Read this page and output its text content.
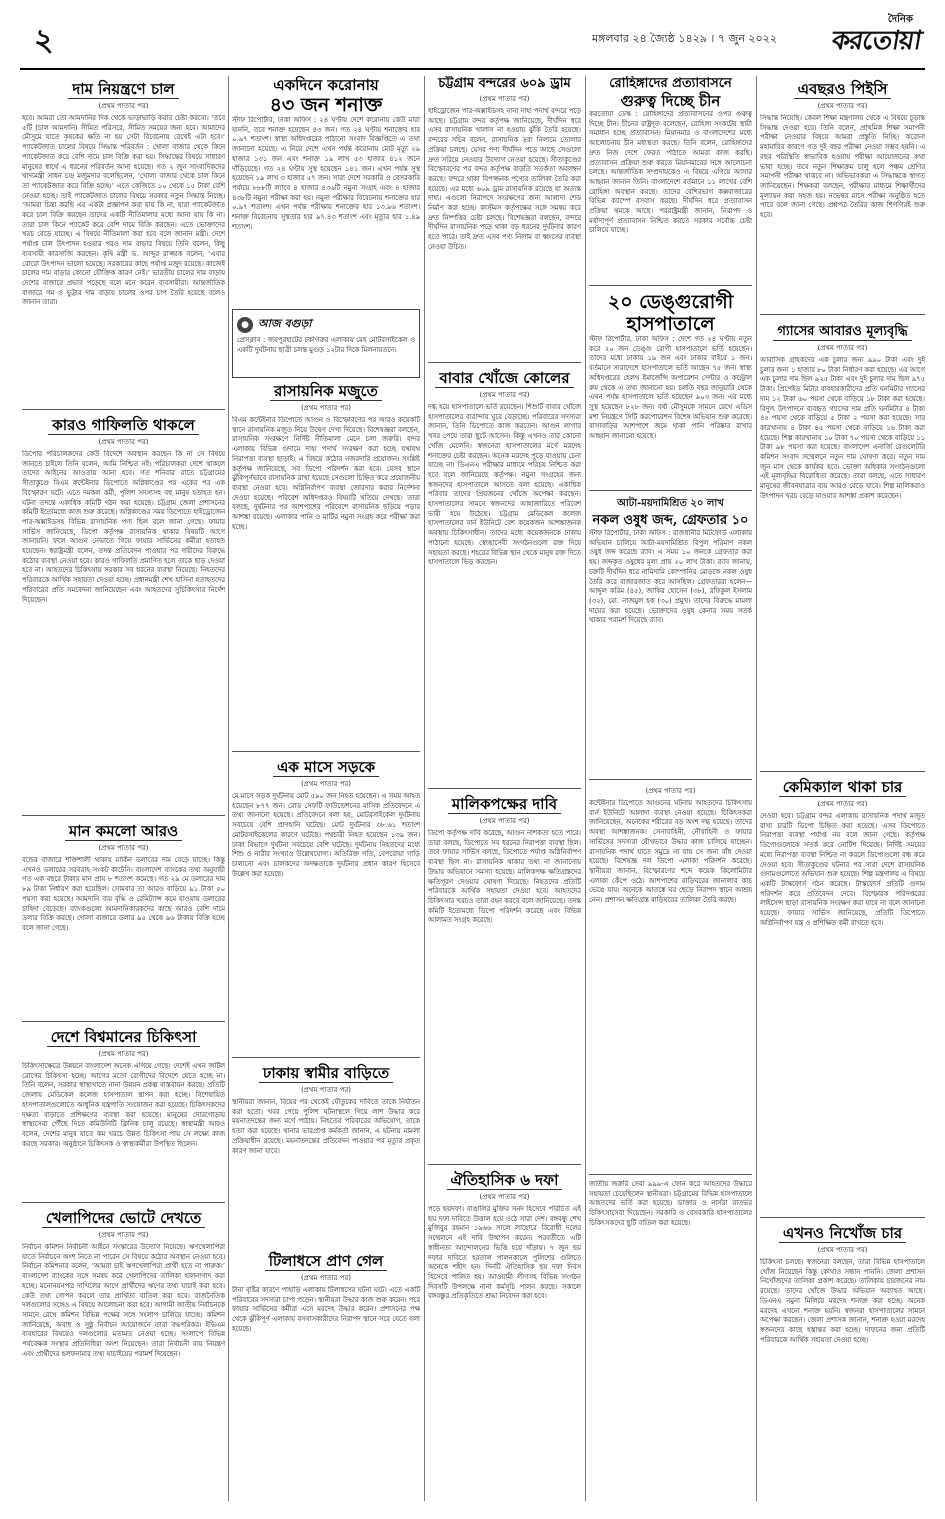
২	মঙ্গলবার ২৪ জ্যৈষ্ঠ ১৪২৯ । ৭ জুন ২০২২
দৈনিক
করতোয়া
দাম নিয়ন্ত্রণে চাল

(প্রথম পাতার পর)

হবে। আমরা তো আমদানির দিক থেকে ভাড়াভাড়ি করার চেষ্টা করবো। ‘তবে ৫টি (চাল আমদানি) সীমিত পরিসরে, সীমিত সময়ের জন্য হবে। আমাদের মৌসুমে যাতে কৃষকের ক্ষতি না হয় সেটা বিবেচনায় রেখেই এটা হবে।’ প্যাকেটজাত চালের বিষয়ে সিদ্ধান্ত পরিবর্তন : খোলা বাজার থেকে কিনে প্যাকেটজাত করে বেশি দামে চাল বিক্রি করা হয়। সিদ্ধান্তের বিষয়ে সাধারণ মানুষের স্বার্থে এ ধরনের পরিবর্তন আনা হয়েছে। গত ২ জুন সাংবাদিকদের খাদ্যমন্ত্রী সাধন চন্দ্র মজুমদার বলেছিলেন, ‘খোলা বাজার থেকে চাল কিনে তা প্যাকেটজাত করে বিক্রি হচ্ছে।’ এতে কেজিতে ১০ থেকে ১৫ টাকা বেশি নেওয়া হচ্ছে। তাই প্যাকেটজাত চালের বিষয়ে সরকার নতুন সিদ্ধান্ত নিচ্ছে। ‘আমরা চিন্তা করছি এর একটা প্রজ্ঞাপন করা যায় কি না, যারা প্যাকেটজাত করে চাল বিক্রি করছেন তাদের একটি নীতিমালার মধ্যে আনা যায় কি না। তারা চাল কিনে প্যাকেট করে বেশি দামে বিক্রি করছেন। এতে ভোক্তাদের খরচ বেড়ে যাচ্ছে। এ বিষয়ে নীতিমালা করা হবে বলে জানান মন্ত্রী। দেশে পর্যাপ্ত চাল উৎপাদন হওয়ার পরও দাম বাড়ার বিষয়ে তিনি বলেন, কিছু ব্যবসায়ী কারসাজি করছেন। কৃষি মন্ত্রী ড. আব্দুর রাজ্জাক বলেন, ‘এবার বোরো উৎপাদন ভালো হয়েছে। সরকারের কাছে পর্যাপ্ত মজুদ রয়েছে। কাজেই চালের দাম বাড়ার কোনো যৌক্তিক কারণ নেই।’ ভারতীয় চালের দাম বাড়ায় দেশের বাজারে প্রভাব পড়েছে বলে মনে করেন ব্যবসায়ীরা। আন্তর্জাতিক বাজারে গম ও ভুট্টার দাম বাড়ায় চালের ওপর চাপ তৈরি হয়েছে বলেও জানান তারা।

কারও গাফিলতি থাকলে

(প্রথম পাতার পর)

ডিপোর পরিচালকদের কেউ বিদেশে অবস্থান করছেন কি না সে বিষয়ে জানতে চাইলে তিনি বলেন, আমি নিশ্চিত নই। পরিচালকরা দেশে থাকলে তাদের আইনের আওতায় আনা হবে। গত শনিবার রাতে চট্টগ্রামের সীতাকুণ্ডে বিএম কন্টেইনার ডিপোতে অগ্নিকাণ্ডের পর একের পর এক বিস্ফোরণ ঘটে। এতে দমকল কর্মী, পুলিশ সদস্যসহ বহু মানুষ হতাহত হন। ঘটনা তদন্তে একাধিক কমিটি গঠন করা হয়েছে। চট্টগ্রাম জেলা প্রশাসনের কমিটি ইতোমধ্যে কাজ শুরু করেছে। অগ্নিকাণ্ডের সময় ডিপোতে হাইড্রোজেন পার-অক্সাইডসহ বিভিন্ন রাসায়নিক পণ্য ছিল বলে জানা গেছে। ফায়ার সার্ভিস জানিয়েছে, ডিপো কর্তৃপক্ষ রাসায়নিক থাকার বিষয়টি আগে জানায়নি। ফলে আগুন নেভাতে গিয়ে ফায়ার সার্ভিসের কর্মীরা হতাহত হয়েছেন। স্বরাষ্ট্রমন্ত্রী বলেন, তদন্ত প্রতিবেদন পাওয়ার পর দায়ীদের বিরুদ্ধে কঠোর ব্যবস্থা নেওয়া হবে। কারও গাফিলতি প্রমাণিত হলে তাকে ছাড় দেওয়া হবে না। আহতদের চিকিৎসায় সরকার সব ধরনের ব্যবস্থা নিয়েছে। নিহতদের পরিবারকে আর্থিক সহায়তা দেওয়া হচ্ছে। প্রধানমন্ত্রী শেখ হাসিনা হতাহতদের পরিবারের প্রতি সমবেদনা জানিয়েছেন এবং আহতদের সুচিকিৎসার নির্দেশ দিয়েছেন।

মান কমলো আরও

(প্রথম পাতার পর)

বন্ডের বাজারে শক্তিশালী থাকায় মার্কিন ডলারের দাম বেড়ে যাচ্ছে। কিন্তু এখনও ডলারের সরবরাহ সংকট কাটেনি। বাংলাদেশ ব্যাংকের তথ্য অনুযায়ী গত এক বছরে টাকার মান প্রায় ৮ শতাংশ কমেছে। গত ২৯ মে ডলারের দাম ৮৯ টাকা নির্ধারণ করা হয়েছিল। সোমবার তা আরও বাড়িয়ে ৯১ টাকা ৫০ পয়সা করা হয়েছে। আমদানি ব্যয় বৃদ্ধি ও রেমিট্যান্স কমে যাওয়ায় ডলারের চাহিদা বেড়েছে। ব্যাংকগুলো আমদানিকারকদের কাছে আরও বেশি দামে ডলার বিক্রি করছে। খোলা বাজারে ডলার ৯৫ থেকে ৯৬ টাকায় বিক্রি হচ্ছে বলে জানা গেছে।

দেশে বিশ্বমানের চিকিৎসা

(প্রথম পাতার পর)

চিকিৎসাক্ষেত্রে উন্নয়নে বাংলাদেশ অনেক এগিয়ে গেছে। দেশেই এখন জটিল রোগের চিকিৎসা হচ্ছে। আগের মতো রোগীদের বিদেশে যেতে হচ্ছে না। তিনি বলেন, সরকার স্বাস্থ্যখাতে নানা উন্নয়ন প্রকল্প বাস্তবায়ন করছে। প্রতিটি জেলায় মেডিকেল কলেজ হাসপাতাল স্থাপন করা হচ্ছে। বিশেষায়িত হাসপাতালগুলোতে আধুনিক যন্ত্রপাতি সংযোজন করা হয়েছে। চিকিৎসকদের দক্ষতা বাড়াতে প্রশিক্ষণের ব্যবস্থা করা হয়েছে। মানুষের দোরগোড়ায় স্বাস্থ্যসেবা পৌঁছে দিতে কমিউনিটি ক্লিনিক চালু রয়েছে। স্বাস্থ্যমন্ত্রী আরও বলেন, দেশের মানুষ যাতে কম খরচে উন্নত চিকিৎসা পায় সে লক্ষ্যে কাজ করছে সরকার। অনুষ্ঠানে চিকিৎসক ও স্বাস্থ্যকর্মীরা উপস্থিত ছিলেন।

খেলাপিদের ভোটে দেখতে

(প্রথম পাতার পর)

নির্বাচন কমিশন নির্বাচনী আইনে সংস্কারের উদ্যোগ নিয়েছে। ঋণখেলাপিরা যাতে নির্বাচনে অংশ নিতে না পারেন সে বিষয়ে কঠোর অবস্থান নেওয়া হবে। নির্বাচন কমিশনার বলেন, ‘আমরা চাই ঋণখেলাপিরা প্রার্থী হতে না পারুক।’ বাংলাদেশ ব্যাংকের সঙ্গে সমন্বয় করে খেলাপিদের তালিকা হালনাগাদ করা হচ্ছে। মনোনয়নপত্র দাখিলের আগে প্রার্থীদের ঋণের তথ্য যাচাই করা হবে। কেউ তথ্য গোপন করলে তার প্রার্থিতা বাতিল করা হবে। রাজনৈতিক দলগুলোর সঙ্গেও এ বিষয়ে আলোচনা করা হবে। আগামী জাতীয় নির্বাচনকে সামনে রেখে কমিশন বিভিন্ন পক্ষের সঙ্গে সংলাপ চালিয়ে যাচ্ছে। কমিশন জানিয়েছে, অবাধ ও সুষ্ঠু নির্বাচন আয়োজনে তারা বদ্ধপরিকর। ইভিএম ব্যবহারের বিষয়েও দলগুলোর মতামত নেওয়া হচ্ছে। সংলাপে বিভিন্ন পর্যবেক্ষক সংস্থার প্রতিনিধিরা অংশ নিয়েছেন। তারা নির্বাচনী ব্যয় নিয়ন্ত্রণ এবং প্রার্থীদের হলফনামার তথ্য যাচাইয়ের পরামর্শ দিয়েছেন।

একদিনে করোনায়
৪৩ জন শনাক্ত

স্টাফ রিপোর্টার, ঢাকা অফিস : ২৪ ঘণ্টায় দেশে করোনায় কেউ মারা যাননি, তবে শনাক্ত হয়েছেন ৪৩ জন। গত ২৪ ঘণ্টায় শনাক্তের হার ০.৯৭ শতাংশ। স্বাস্থ্য অধিদপ্তরের পাঠানো সংবাদ বিজ্ঞপ্তিতে এ তথ্য জানানো হয়েছে। এ নিয়ে দেশে এখন পর্যন্ত করোনায় মোট মৃত্যু ২৯ হাজার ১৩১ জন এবং শনাক্ত ১৯ লাখ ৫৩ হাজার ৪১২ জনে দাঁড়িয়েছে। গত ২৪ ঘণ্টায় সুস্থ হয়েছেন ১৪১ জন। এখন পর্যন্ত সুস্থ হয়েছেন ১৯ লাখ ৩ হাজার ৫৭ জন। সারা দেশে সরকারি ও বেসরকারি পর্যায়ে ৮৮৮টি ল্যাবে ৪ হাজার ৪৩৬টি নমুনা সংগ্রহ এবং ৪ হাজার ৪৩৮টি নমুনা পরীক্ষা করা হয়। নমুনা পরীক্ষার বিবেচনায় শনাক্তের হার ০.৯৭ শতাংশ। এখন পর্যন্ত পরীক্ষায় শনাক্তের হার ১৩.৯৬ শতাংশ। শনাক্ত বিবেচনায় সুস্থতার হার ৯৭.৪৩ শতাংশ এবং মৃত্যুর হার ১.৪৯ শতাংশ।

● আজ বগুড়া

প্রেসক্লাব : জয়পুরহাটের চকগিরুর এলাকায় মেহ মোটরসাইকেল ও একটি দুর্ঘটনায় ছাত্রী চলন্ত মুগুড় ১২টার দিকে মিলনায়তনে।

রাসায়নিক মজুতে

(প্রথম পাতার পর)

বিএম কন্টেইনার ডিপোতে আগুন ও বিস্ফোরণের পর আরও কয়েকটি স্থানে রাসায়নিক মজুত নিয়ে উদ্বেগ দেখা দিয়েছে। বিশেষজ্ঞরা বলছেন, রাসায়নিক সংরক্ষণে নির্দিষ্ট নীতিমালা মেনে চলা জরুরি। বন্দর এলাকায় বিভিন্ন গুদামে দাহ্য পদার্থ সংরক্ষণ করা হচ্ছে যথাযথ নিরাপত্তা ব্যবস্থা ছাড়াই। এ বিষয়ে কঠোর নজরদারি প্রয়োজন। সংশ্লিষ্ট কর্তৃপক্ষ জানিয়েছে, সব ডিপো পরিদর্শন করা হবে। যেসব স্থানে ঝুঁকিপূর্ণভাবে রাসায়নিক রাখা হয়েছে সেগুলো চিহ্নিত করে প্রয়োজনীয় ব্যবস্থা নেওয়া হবে। অগ্নিনির্বাপণ ব্যবস্থা জোরদার করার নির্দেশনা দেওয়া হয়েছে। পরিবেশ অধিদপ্তরও বিষয়টি খতিয়ে দেখছে। তারা বলছে, দুর্ঘটনার পর আশপাশের পরিবেশে রাসায়নিক ছড়িয়ে পড়ার আশঙ্কা রয়েছে। এলাকার পানি ও মাটির নমুনা সংগ্রহ করে পরীক্ষা করা হচ্ছে।

এক মাসে সড়কে

(প্রথম পাতার পর)

মে মাসে সড়ক দুর্ঘটনায় মোট ৫৯০ জন নিহত হয়েছেন। এ সময় আহত হয়েছেন ৮৭৭ জন। রোড সেফটি ফাউন্ডেশনের মাসিক প্রতিবেদনে এ তথ্য জানানো হয়েছে। প্রতিবেদনে বলা হয়, মোটরসাইকেল দুর্ঘটনায় সবচেয়ে বেশি প্রাণহানি ঘটেছে। মোট দুর্ঘটনার ৩৮.৬১ শতাংশ মোটরসাইকেলের কারণে ঘটেছে। পথচারী নিহত হয়েছেন ১৩৯ জন। ঢাকা বিভাগে দুর্ঘটনা সবচেয়ে বেশি ঘটেছে। দুর্ঘটনায় নিহতদের মধ্যে শিশু ও নারীর সংখ্যাও উল্লেখযোগ্য। অতিরিক্ত গতি, বেপরোয়া গাড়ি চালানো এবং চালকদের অদক্ষতাকে দুর্ঘটনার প্রধান কারণ হিসেবে উল্লেখ করা হয়েছে।

ঢাকায় স্বামীর বাড়িতে

(প্রথম পাতার পর)

স্থানীয়রা জানান, বিয়ের পর থেকেই যৌতুকের দাবিতে তাকে নির্যাতন করা হতো। খবর পেয়ে পুলিশ ঘটনাস্থলে গিয়ে লাশ উদ্ধার করে ময়নাতদন্তের জন্য মর্গে পাঠায়। নিহতের পরিবারের অভিযোগ, তাকে হত্যা করা হয়েছে। থানার ভারপ্রাপ্ত কর্মকর্তা জানান, এ ঘটনায় মামলা প্রক্রিয়াধীন রয়েছে। ময়নাতদন্তের প্রতিবেদন পাওয়ার পর মৃত্যুর প্রকৃত কারণ জানা যাবে।

টিলাধসে প্রাণ গেল

(প্রথম পাতার পর)

টানা বৃষ্টির কারণে পাহাড়ি এলাকায় টিলাধসের ঘটনা ঘটে। এতে একটি পরিবারের সদস্যরা চাপা পড়েন। স্থানীয়রা উদ্ধার কাজ শুরু করেন। পরে ফায়ার সার্ভিসের কর্মীরা এসে মরদেহ উদ্ধার করেন। প্রশাসনের পক্ষ থেকে ঝুঁকিপূর্ণ এলাকায় বসবাসকারীদের নিরাপদ স্থানে সরে যেতে বলা হয়েছে।

চট্টগ্রাম বন্দরের ৬০৯ ড্রাম

(প্রথম পাতার পর)

হাইড্রোজেন পার-অক্সাইডসহ নানা দাহ্য পদার্থ বন্দরে পড়ে আছে। চট্টগ্রাম বন্দর কর্তৃপক্ষ জানিয়েছে, দীর্ঘদিন ধরে এসব রাসায়নিক খালাস না হওয়ায় ঝুঁকি তৈরি হয়েছে। বন্দরের সচিব বলেন, রাসায়নিক দ্রব্য নিলামে তোলার প্রক্রিয়া চলছে। যেসব পণ্য দীর্ঘদিন পড়ে আছে সেগুলো দ্রুত সরিয়ে নেওয়ার উদ্যোগ নেওয়া হয়েছে। সীতাকুণ্ডের বিস্ফোরণের পর বন্দর কর্তৃপক্ষ বাড়তি সতর্কতা অবলম্বন করছে। বন্দরে থাকা বিপজ্জনক পণ্যের তালিকা তৈরি করা হয়েছে। এর মধ্যে ৬০৯ ড্রাম রাসায়নিক রয়েছে যা অত্যন্ত দাহ্য। এগুলো নিরাপদে সংরক্ষণের জন্য আলাদা শেড নির্মাণ করা হচ্ছে। কাস্টমস কর্তৃপক্ষের সঙ্গে সমন্বয় করে দ্রুত নিষ্পত্তির চেষ্টা চলছে। বিশেষজ্ঞরা বলছেন, বন্দরে দীর্ঘদিন রাসায়নিক পড়ে থাকা বড় ধরনের দুর্ঘটনার কারণ হতে পারে। তাই দ্রুত এসব পণ্য নিলাম বা ধ্বংসের ব্যবস্থা নেওয়া উচিত।

বাবার খোঁজে কোলের

(প্রথম পাতার পর)

দগ্ধ হয়ে হাসপাতালে ভর্তি রয়েছেন। শিশুটি বাবার খোঁজে হাসপাতালের বারান্দায় ঘুরে বেড়াচ্ছে। পরিবারের সদস্যরা জানান, তিনি ডিপোতে কাজ করতেন। আগুন লাগার খবর পেয়ে তারা ছুটে আসেন। কিন্তু এখনও তার কোনো খোঁজ মেলেনি। স্বজনেরা হাসপাতালের মর্গে মরদেহ শনাক্তের চেষ্টা করছেন। অনেক মরদেহ পুড়ে যাওয়ায় চেনা যাচ্ছে না। ডিএনএ পরীক্ষার মাধ্যমে পরিচয় নিশ্চিত করা হবে বলে জানিয়েছে কর্তৃপক্ষ। নমুনা সংগ্রহের জন্য স্বজনদের হাসপাতালে আসতে বলা হয়েছে। একাধিক পরিবার তাদের প্রিয়জনের খোঁজে অপেক্ষা করছেন। হাসপাতালের সামনে স্বজনদের আহাজারিতে পরিবেশ ভারী হয়ে উঠেছে। চট্টগ্রাম মেডিকেল কলেজ হাসপাতালের বার্ন ইউনিটে বেশ কয়েকজন আশঙ্কাজনক অবস্থায় চিকিৎসাধীন। তাদের মধ্যে কয়েকজনকে ঢাকায় পাঠানো হয়েছে। স্বেচ্ছাসেবী সংগঠনগুলো রক্ত দিয়ে সহায়তা করছে। শহরের বিভিন্ন স্থান থেকে মানুষ রক্ত দিতে হাসপাতালে ভিড় করছেন।

মালিকপক্ষের দাবি

(প্রথম পাতার পর)

ডিপো কর্তৃপক্ষ দাবি করেছে, আগুন নাশকতা হতে পারে। তারা বলছে, ডিপোতে সব ধরনের নিরাপত্তা ব্যবস্থা ছিল। তবে ফায়ার সার্ভিস বলছে, ডিপোতে পর্যাপ্ত অগ্নিনির্বাপণ ব্যবস্থা ছিল না। রাসায়নিক থাকার তথ্য না জানানোয় উদ্ধার অভিযানে সমস্যা হয়েছে। মালিকপক্ষ ক্ষতিগ্রস্তদের ক্ষতিপূরণ দেওয়ার ঘোষণা দিয়েছে। নিহতদের প্রতিটি পরিবারকে আর্থিক সহায়তা দেওয়া হবে। আহতদের চিকিৎসার খরচও তারা বহন করবে বলে জানিয়েছে। তদন্ত কমিটি ইতোমধ্যে ডিপো পরিদর্শন করেছে এবং বিভিন্ন আলামত সংগ্রহ করেছে।

ঐতিহাসিক ৬ দফা

(প্রথম পাতার পর)

পড়ে ছয়দফা। বাঙালির মুক্তির সনদ হিসেবে পরিচিত এই ছয় দফা দাবিতে উত্তাল হয়ে ওঠে সারা দেশ। বঙ্গবন্ধু শেখ মুজিবুর রহমান ১৯৬৬ সালে লাহোরে বিরোধী দলের সম্মেলনে এই দাবি উত্থাপন করেন। পরবর্তীতে এটি স্বাধীনতা আন্দোলনের ভিত্তি হয়ে দাঁড়ায়। ৭ জুন ছয় দফার দাবিতে হরতাল পালনকালে পুলিশের গুলিতে অনেকে শহীদ হন। দিনটি ঐতিহাসিক ছয় দফা দিবস হিসেবে পালিত হয়। আওয়ামী লীগসহ বিভিন্ন সংগঠন দিবসটি উপলক্ষে নানা কর্মসূচি পালন করছে। সকালে বঙ্গবন্ধুর প্রতিকৃতিতে শ্রদ্ধা নিবেদন করা হবে।

রোহিঙ্গাদের প্রত্যাবাসনে
গুরুত্ব দিচ্ছে চীন

করতোয়া ডেস্ক : রোহিঙ্গাদের প্রত্যাবাসনের ওপর গুরুত্ব দিচ্ছে চীন। চীনের রাষ্ট্রদূত বলেছেন, রোহিঙ্গা সংকটের স্থায়ী সমাধান হচ্ছে প্রত্যাবাসন। মিয়ানমার ও বাংলাদেশের মধ্যে আলোচনায় চীন মধ্যস্থতা করছে। তিনি বলেন, রোহিঙ্গাদের দ্রুত নিজ দেশে ফেরত পাঠাতে আমরা কাজ করছি। প্রত্যাবাসন প্রক্রিয়া শুরু করতে মিয়ানমারের সঙ্গে আলোচনা চলছে। আন্তর্জাতিক সম্প্রদায়কেও এ বিষয়ে এগিয়ে আসার আহ্বান জানান তিনি। বাংলাদেশে বর্তমানে ১১ লাখের বেশি রোহিঙ্গা অবস্থান করছে। তাদের বেশিরভাগ কক্সবাজারের বিভিন্ন ক্যাম্পে বসবাস করছে। দীর্ঘদিন ধরে প্রত্যাবাসন প্রক্রিয়া থমকে আছে। পররাষ্ট্রমন্ত্রী জানান, নিরাপদ ও মর্যাদাপূর্ণ প্রত্যাবাসন নিশ্চিত করতে সরকার সর্বোচ্চ চেষ্টা চালিয়ে যাচ্ছে।

২০ ডেঙ্গুরোগী
হাসপাতালে

স্টাফ রিপোর্টার, ঢাকা অফিস : দেশে গত ২৪ ঘণ্টায় নতুন করে ২০ জন ডেঙ্গু রোগী হাসপাতালে ভর্তি হয়েছেন। তাদের মধ্যে ঢাকায় ১৯ জন এবং ঢাকার বাইরে ১ জন। বর্তমানে সারাদেশে হাসপাতালে ভর্তি আছেন ৭৫ জন। স্বাস্থ্য অধিদপ্তরের হেলথ ইমার্জেন্সি অপারেশন সেন্টার ও কন্ট্রোল রুম থেকে এ তথ্য জানানো হয়। চলতি বছর জানুয়ারি থেকে এখন পর্যন্ত হাসপাতালে ভর্তি হয়েছেন ৯০৩ জন। এর মধ্যে সুস্থ হয়েছেন ৮২৮ জন। বর্ষা মৌসুমকে সামনে রেখে এডিস মশা নিয়ন্ত্রণে সিটি করপোরেশন বিশেষ অভিযান শুরু করেছে। বাসাবাড়ির আশপাশে জমে থাকা পানি পরিষ্কার রাখার আহ্বান জানানো হয়েছে।

আটা-ময়দামিশ্রিত ২০ লাখ

নকল ওষুধ জব্দ, গ্রেফতার ১০

স্টাফ রিপোর্টার, ঢাকা অফিস : রাজধানীর মিটফোর্ড এলাকায় অভিযান চালিয়ে আটা-ময়দামিশ্রিত বিপুল পরিমাণ নকল ওষুধ জব্দ করেছে র‌্যাব। এ সময় ১০ জনকে গ্রেফতার করা হয়। জব্দকৃত ওষুধের মূল্য প্রায় ২০ লাখ টাকা। র‌্যাব জানায়, চক্রটি দীর্ঘদিন ধরে নামিদামি কোম্পানির মোড়কে নকল ওষুধ তৈরি করে বাজারজাত করে আসছিল। গ্রেফতাররা হলেন—আব্দুল করিম (৪৫), জাকির হোসেন (৩৮), রফিকুল ইসলাম (৩২), মো. নাজমুল হক (৩০) প্রমুখ। তাদের বিরুদ্ধে মামলা দায়ের করা হয়েছে। ভোক্তাদের ওষুধ কেনার সময় সতর্ক থাকার পরামর্শ দিয়েছে র‌্যাব।

(প্রথম পাতার পর)

কন্টেইনার ডিপোতে আগুনের ঘটনায় আহতদের চিকিৎসায় বার্ন ইউনিটে আলাদা ব্যবস্থা নেওয়া হয়েছে। চিকিৎসকরা জানিয়েছেন, অনেকের শরীরের বড় অংশ দগ্ধ হয়েছে। তাদের অবস্থা আশঙ্কাজনক। সেনাবাহিনী, নৌবাহিনী ও ফায়ার সার্ভিসের সদস্যরা যৌথভাবে উদ্ধার কাজ চালিয়ে যাচ্ছেন। রাসায়নিক পদার্থ যাতে সমুদ্রে না যায় সে জন্য বাঁধ দেওয়া হয়েছে। বিশেষজ্ঞ দল ডিপো এলাকা পরিদর্শন করেছে। স্থানীয়রা জানান, বিস্ফোরণের শব্দে কয়েক কিলোমিটার এলাকা কেঁপে ওঠে। আশপাশের বাড়িঘরের জানালার কাচ ভেঙে যায়। অনেকে আতঙ্কে ঘর ছেড়ে নিরাপদ স্থানে আশ্রয় নেন। প্রশাসন ক্ষতিগ্রস্ত বাড়িঘরের তালিকা তৈরি করছে।

জাতীয় জরুরি সেবা ৯৯৯-এ ফোন করে আহতদের উদ্ধারে সহায়তা চেয়েছিলেন স্থানীয়রা। চট্টগ্রামের বিভিন্ন হাসপাতালে আহতদের ভর্তি করা হয়েছে। ডাক্তার ও নার্সরা রাতভর চিকিৎসাসেবা দিয়েছেন। সরকারি ও বেসরকারি হাসপাতালের চিকিৎসকদের ছুটি বাতিল করা হয়েছে।

এবছরও পিইসি

(প্রথম পাতার পর)

সিদ্ধান্ত নিয়েছি। কেবল শিক্ষা মন্ত্রণালয় থেকে এ বিষয়ে চূড়ান্ত সিদ্ধান্ত দেওয়া হবে। তিনি বলেন, প্রাথমিক শিক্ষা সমাপনী পরীক্ষা নেওয়ার বিষয়ে আমরা প্রস্তুতি নিচ্ছি। করোনা মহামারির কারণে গত দুই বছর পরীক্ষা নেওয়া সম্ভব হয়নি। এ বছর পরিস্থিতি স্বাভাবিক হওয়ায় পরীক্ষা আয়োজনের কথা ভাবা হচ্ছে। তবে নতুন শিক্ষাক্রম চালু হলে পঞ্চম শ্রেণির সমাপনী পরীক্ষা থাকবে না। অভিভাবকরা এ সিদ্ধান্তকে স্বাগত জানিয়েছেন। শিক্ষকরা বলছেন, পরীক্ষার মাধ্যমে শিক্ষার্থীদের মূল্যায়ন করা সহজ হয়। নভেম্বর মাসে পরীক্ষা অনুষ্ঠিত হতে পারে বলে জানা গেছে। প্রশ্নপত্র তৈরির কাজ শিগগিরই শুরু হবে।

গ্যাসের আবারও মূল্যবৃদ্ধি

(প্রথম পাতার পর)

আবাসিক গ্রাহকদের এক চুলার জন্য ৯৯০ টাকা এবং দুই চুলার জন্য ১ হাজার ৮০ টাকা নির্ধারণ করা হয়েছে। এর আগে এক চুলার দাম ছিল ৯২৫ টাকা এবং দুই চুলার দাম ছিল ৯৭৫ টাকা। প্রিপেইড মিটার ব্যবহারকারীদের প্রতি ঘনমিটার গ্যাসের দাম ১২ টাকা ৬০ পয়সা থেকে বাড়িয়ে ১৮ টাকা করা হয়েছে। বিদ্যুৎ উৎপাদনে ব্যবহৃত গ্যাসের দাম প্রতি ঘনমিটার ৪ টাকা ৪৫ পয়সা থেকে বাড়িয়ে ৫ টাকা ২ পয়সা করা হয়েছে। সার কারখানায় ৪ টাকা ৪৫ পয়সা থেকে বাড়িয়ে ১৬ টাকা করা হয়েছে। শিল্প কারখানায় ১০ টাকা ৭০ পয়সা থেকে বাড়িয়ে ১১ টাকা ৯৮ পয়সা করা হয়েছে। বাংলাদেশ এনার্জি রেগুলেটরি কমিশন সংবাদ সম্মেলনে নতুন দাম ঘোষণা করে। নতুন দাম জুন মাস থেকে কার্যকর হবে। ভোক্তা অধিকার সংগঠনগুলো এই মূল্যবৃদ্ধির বিরোধিতা করেছে। তারা বলছে, এতে সাধারণ মানুষের জীবনযাত্রার ব্যয় আরও বেড়ে যাবে। শিল্প মালিকরাও উৎপাদন খরচ বেড়ে যাওয়ার আশঙ্কা প্রকাশ করেছেন।

কেমিক্যাল থাকা চার

(প্রথম পাতার পর)

দেওয়া হবে। চট্টগ্রাম বন্দর এলাকায় রাসায়নিক পদার্থ মজুত রাখা চারটি ডিপো চিহ্নিত করা হয়েছে। এসব ডিপোতে নিরাপত্তা ব্যবস্থা পর্যাপ্ত নয় বলে জানা গেছে। কর্তৃপক্ষ ডিপোগুলোকে সতর্ক করে নোটিশ দিয়েছে। নির্দিষ্ট সময়ের মধ্যে নিরাপত্তা ব্যবস্থা নিশ্চিত না করলে ডিপোগুলো বন্ধ করে দেওয়া হবে। সীতাকুণ্ডের ঘটনার পর সারা দেশে রাসায়নিক গুদামগুলোতে অভিযান শুরু হয়েছে। শিল্প মন্ত্রণালয় এ বিষয়ে একটি টাস্কফোর্স গঠন করেছে। টাস্কফোর্স প্রতিটি গুদাম পরিদর্শন করে প্রতিবেদন দেবে। বিস্ফোরক পরিদপ্তরের লাইসেন্স ছাড়া রাসায়নিক সংরক্ষণ করা যাবে না বলে জানানো হয়েছে। ফায়ার সার্ভিস জানিয়েছে, প্রতিটি ডিপোতে অগ্নিনির্বাপণ যন্ত্র ও প্রশিক্ষিত কর্মী রাখতে হবে।

এখনও নিখোঁজ চার

(প্রথম পাতার পর)

চিকিৎসা চলছে। স্বজনেরা বলছেন, তারা বিভিন্ন হাসপাতালে খোঁজ নিয়েছেন কিন্তু কোথাও সন্ধান পাননি। জেলা প্রশাসন নিখোঁজদের তালিকা প্রকাশ করেছে। তালিকায় চারজনের নাম রয়েছে। তাদের খোঁজে উদ্ধার অভিযান অব্যাহত আছে। ডিএনএ নমুনা মিলিয়ে মরদেহ শনাক্ত করা হচ্ছে। অনেক মরদেহ এখনো শনাক্ত হয়নি। স্বজনরা হাসপাতালের সামনে অপেক্ষা করছেন। জেলা প্রশাসক জানান, শনাক্ত হওয়া মরদেহ স্বজনদের কাছে হস্তান্তর করা হচ্ছে। দাফনের জন্য প্রতিটি পরিবারকে আর্থিক সহায়তা দেওয়া হচ্ছে।
